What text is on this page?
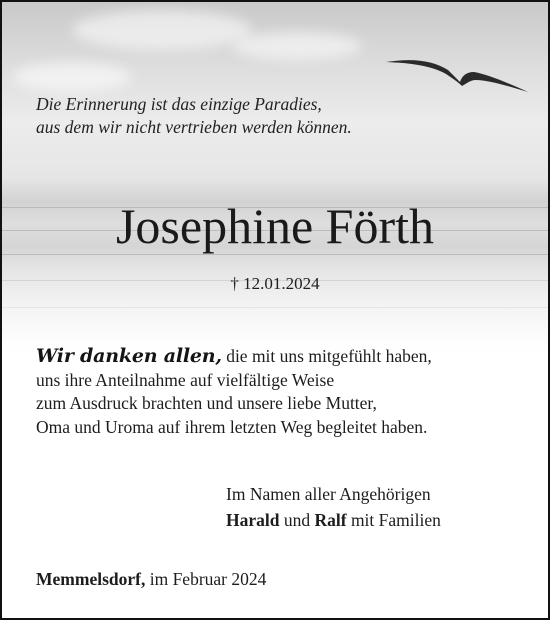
Die Erinnerung ist das einzige Paradies,
aus dem wir nicht vertrieben werden können.

Josephine Förth
† 12.01.2024

Wir danken allen, die mit uns mitgefühlt haben,
uns ihre Anteilnahme auf vielfältige Weise
zum Ausdruck brachten und unsere liebe Mutter,
Oma und Uroma auf ihrem letzten Weg begleitet haben.

Im Namen aller Angehörigen
Harald und Ralf mit Familien

Memmelsdorf, im Februar 2024
